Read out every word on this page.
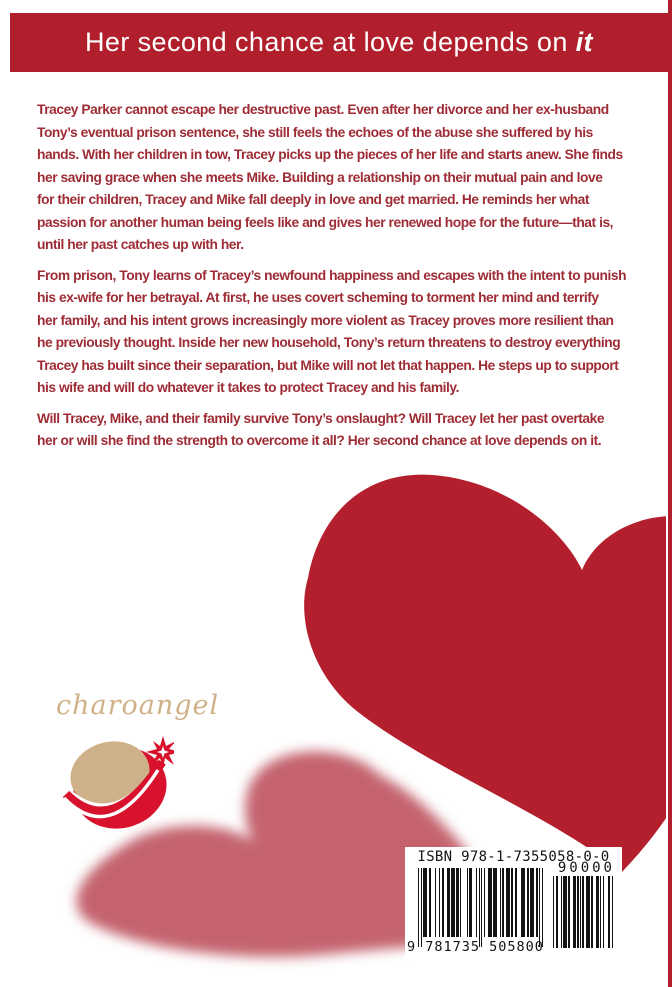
Her second chance at love depends on it
Tracey Parker cannot escape her destructive past. Even after her divorce and her ex-husband
Tony’s eventual prison sentence, she still feels the echoes of the abuse she suffered by his
hands. With her children in tow, Tracey picks up the pieces of her life and starts anew. She finds
her saving grace when she meets Mike. Building a relationship on their mutual pain and love
for their children, Tracey and Mike fall deeply in love and get married. He reminds her what
passion for another human being feels like and gives her renewed hope for the future—that is,
until her past catches up with her.
From prison, Tony learns of Tracey’s newfound happiness and escapes with the intent to punish
his ex-wife for her betrayal. At first, he uses covert scheming to torment her mind and terrify
her family, and his intent grows increasingly more violent as Tracey proves more resilient than
he previously thought. Inside her new household, Tony’s return threatens to destroy everything
Tracey has built since their separation, but Mike will not let that happen. He steps up to support
his wife and will do whatever it takes to protect Tracey and his family.
Will Tracey, Mike, and their family survive Tony’s onslaught? Will Tracey let her past overtake
her or will she find the strength to overcome it all? Her second chance at love depends on it.
charoangel
ISBN 978-1-7355058-0-0
90000
9 781735 505800
